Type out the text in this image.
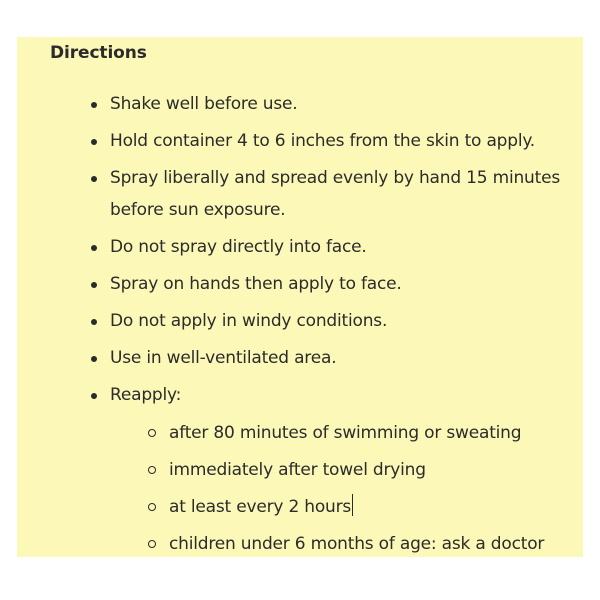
Directions
Shake well before use.
Hold container 4 to 6 inches from the skin to apply.
Spray liberally and spread evenly by hand 15 minutes before sun exposure.
Do not spray directly into face.
Spray on hands then apply to face.
Do not apply in windy conditions.
Use in well-ventilated area.
Reapply:
after 80 minutes of swimming or sweating
immediately after towel drying
at least every 2 hours
children under 6 months of age: ask a doctor
